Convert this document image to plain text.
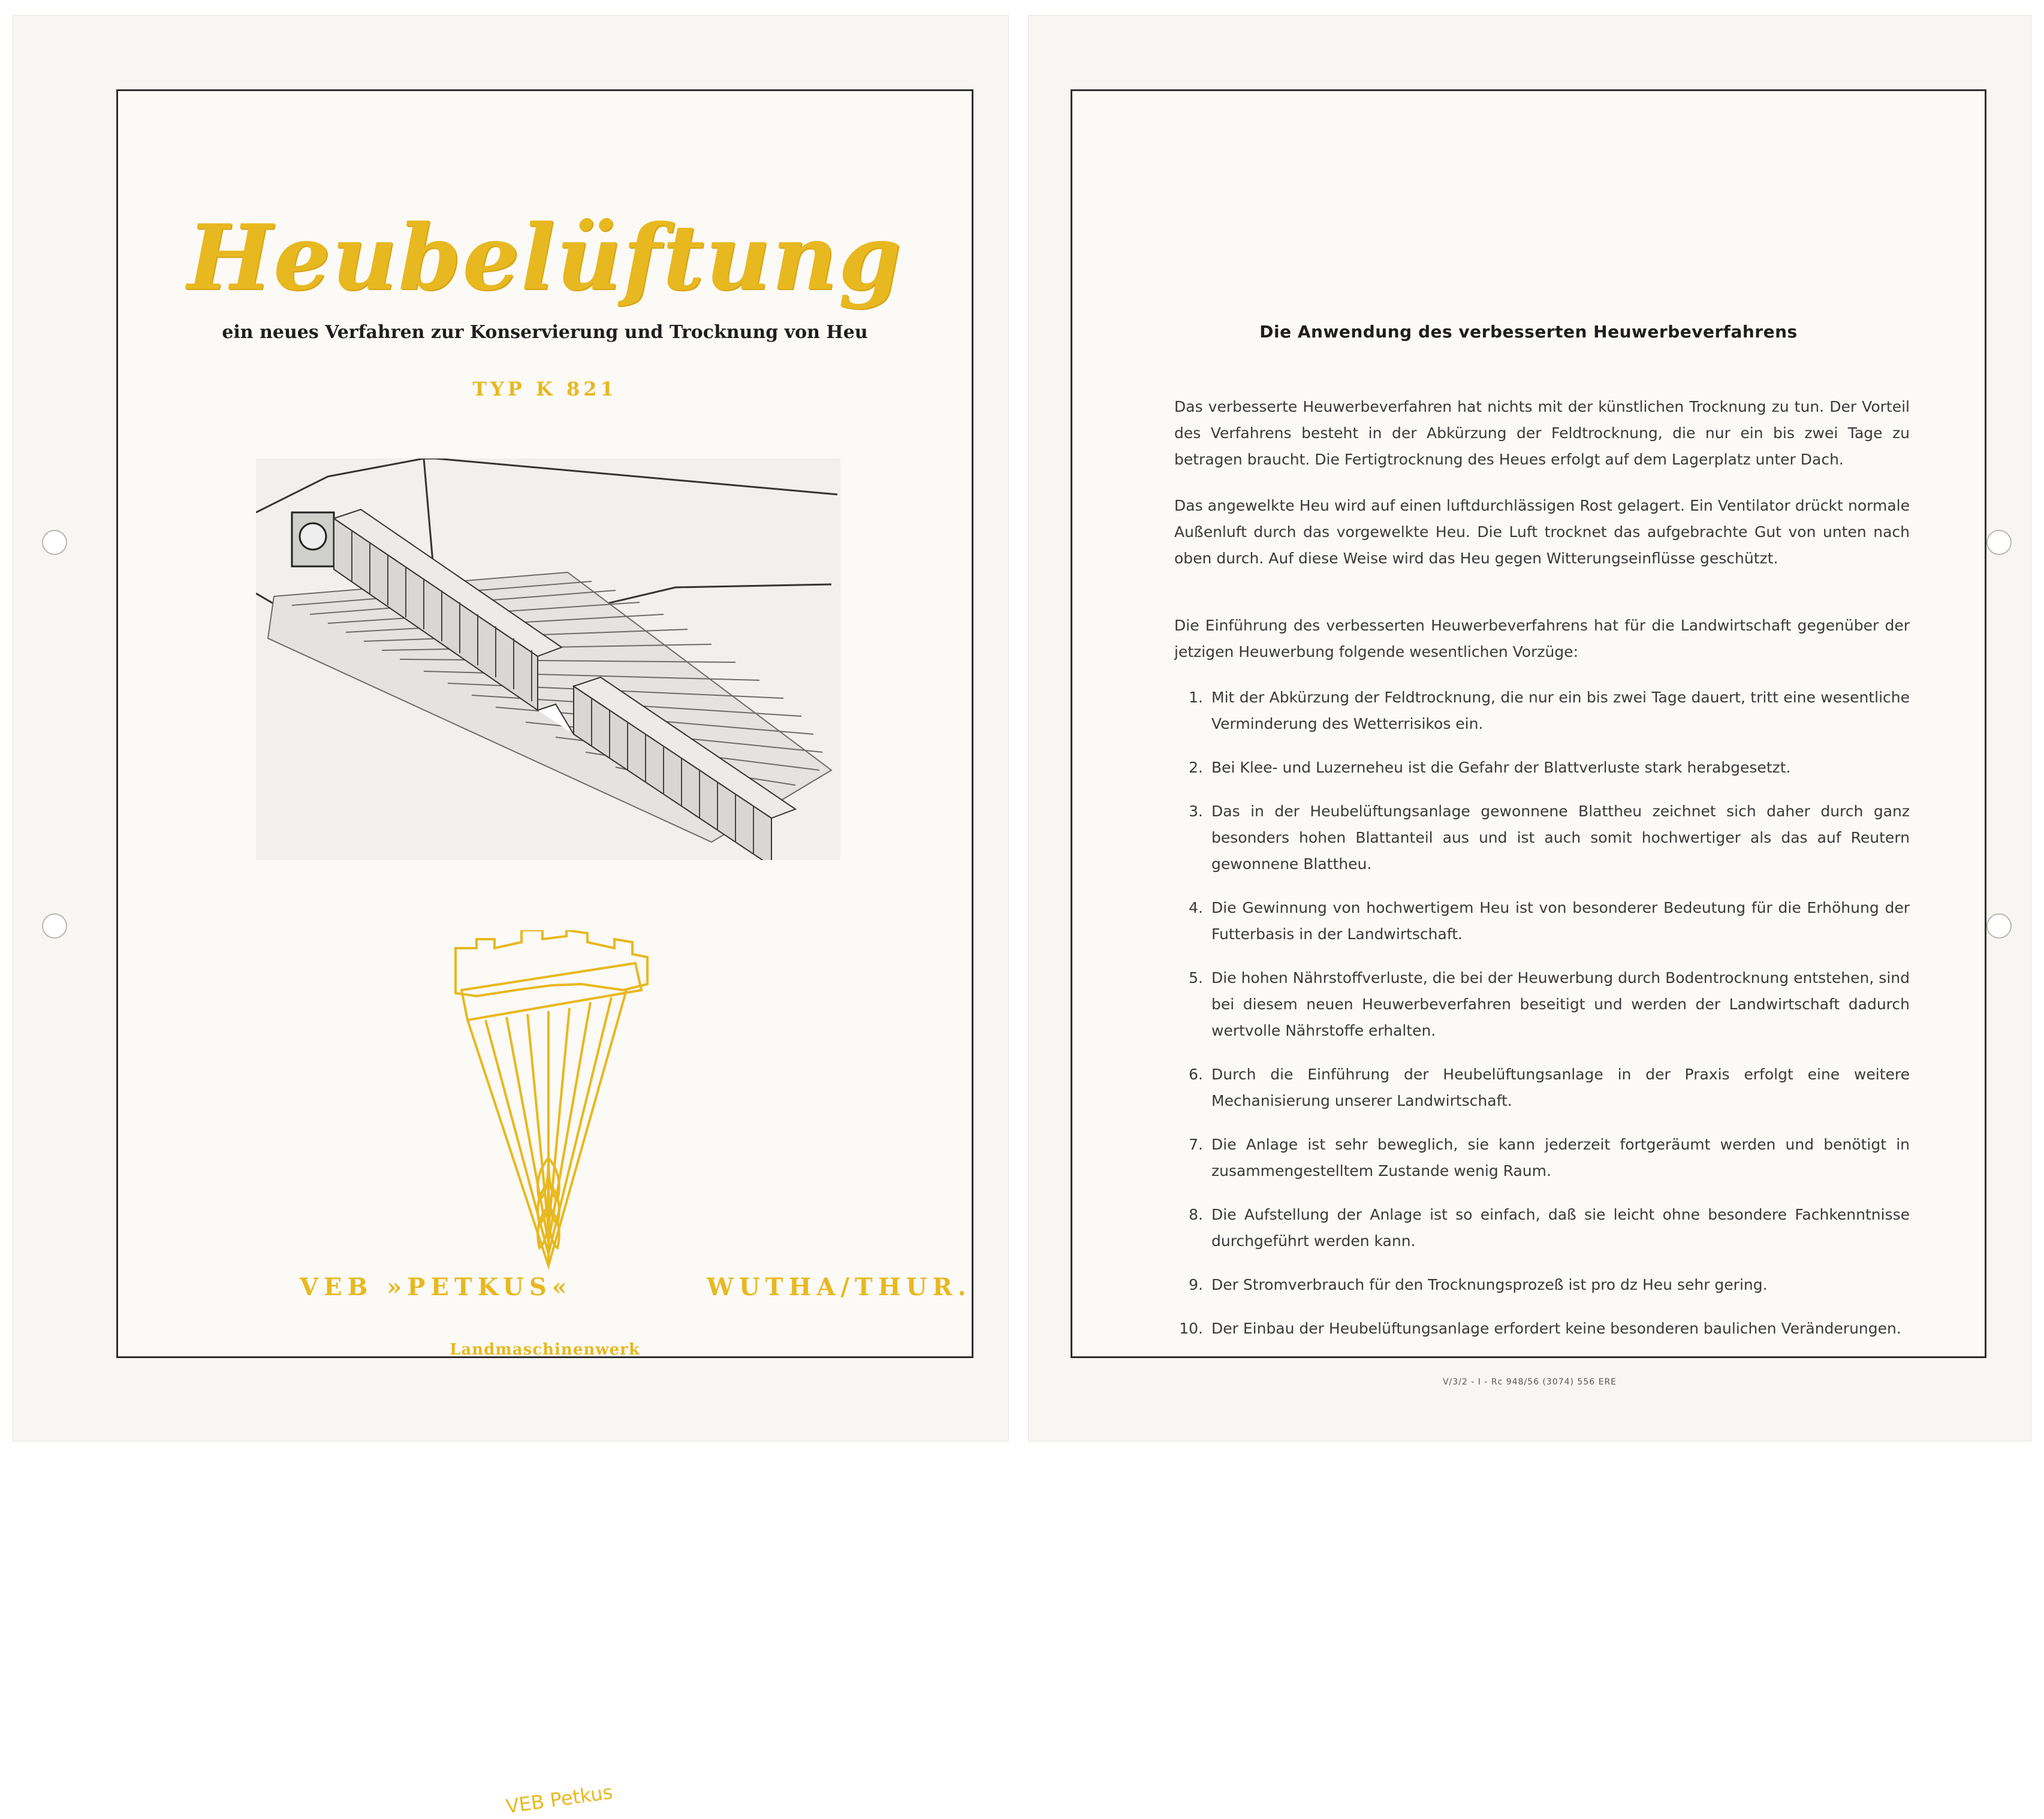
Heubelüftung
ein neues Verfahren zur Konservierung und Trocknung von Heu
TYP K 821
VEB Petkus
VEB »PETKUS«	WUTHA/THUR.
Landmaschinenwerk
Die Anwendung des verbesserten Heuwerbeverfahrens
Das verbesserte Heuwerbeverfahren hat nichts mit der künstlichen Trocknung zu tun. Der Vorteil des Verfahrens besteht in der Abkürzung der Feldtrocknung, die nur ein bis zwei Tage zu betragen braucht. Die Fertigtrocknung des Heues erfolgt auf dem Lagerplatz unter Dach.
Das angewelkte Heu wird auf einen luftdurchlässigen Rost gelagert. Ein Ventilator drückt normale Außenluft durch das vorgewelkte Heu. Die Luft trocknet das aufgebrachte Gut von unten nach oben durch. Auf diese Weise wird das Heu gegen Witterungseinflüsse geschützt.
Die Einführung des verbesserten Heuwerbeverfahrens hat für die Landwirtschaft gegenüber der jetzigen Heuwerbung folgende wesentlichen Vorzüge:
1. Mit der Abkürzung der Feldtrocknung, die nur ein bis zwei Tage dauert, tritt eine wesentliche Verminderung des Wetterrisikos ein.
2. Bei Klee- und Luzerneheu ist die Gefahr der Blattverluste stark herabgesetzt.
3. Das in der Heubelüftungsanlage gewonnene Blattheu zeichnet sich daher durch ganz besonders hohen Blattanteil aus und ist auch somit hochwertiger als das auf Reutern gewonnene Blattheu.
4. Die Gewinnung von hochwertigem Heu ist von besonderer Bedeutung für die Erhöhung der Futterbasis in der Landwirtschaft.
5. Die hohen Nährstoffverluste, die bei der Heuwerbung durch Bodentrocknung entstehen, sind bei diesem neuen Heuwerbeverfahren beseitigt und werden der Landwirtschaft dadurch wertvolle Nährstoffe erhalten.
6. Durch die Einführung der Heubelüftungsanlage in der Praxis erfolgt eine weitere Mechanisierung unserer Landwirtschaft.
7. Die Anlage ist sehr beweglich, sie kann jederzeit fortgeräumt werden und benötigt in zusammengestelltem Zustande wenig Raum.
8. Die Aufstellung der Anlage ist so einfach, daß sie leicht ohne besondere Fachkenntnisse durchgeführt werden kann.
9. Der Stromverbrauch für den Trocknungsprozeß ist pro dz Heu sehr gering.
10. Der Einbau der Heubelüftungsanlage erfordert keine besonderen baulichen Veränderungen.
V/3/2 - I - Rc 948/56 (3074) 556 ERE
